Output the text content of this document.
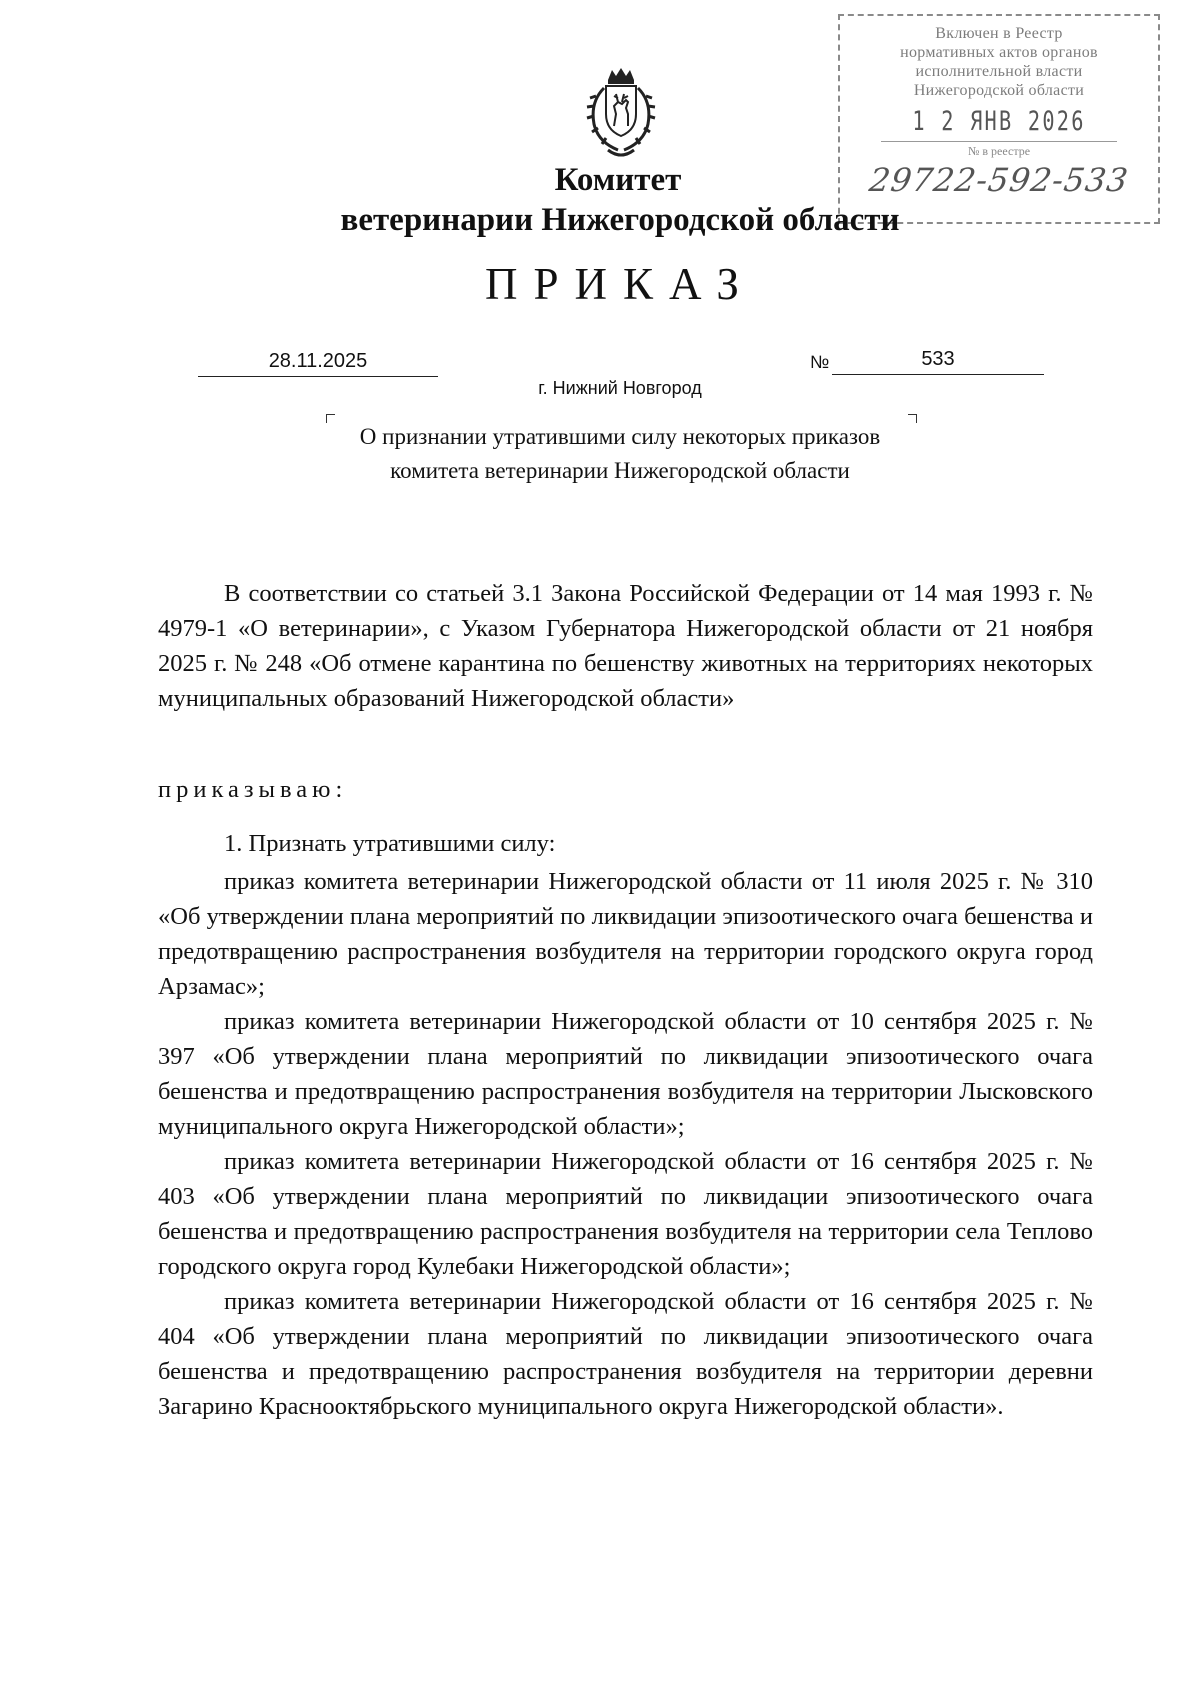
Включен в Реестр
нормативных актов органов
исполнительной власти
Нижегородской области
1 2 ЯНВ 2026
№ в реестре
29722-592-533
Комитет
ветеринарии Нижегородской области
ПРИКАЗ
28.11.2025	№	533
г. Нижний Новгород
О признании утратившими силу некоторых приказов комитета ветеринарии Нижегородской области

В соответствии со статьей 3.1 Закона Российской Федерации от 14 мая 1993 г. № 4979-1 «О ветеринарии», с Указом Губернатора Нижегородской области от 21 ноября 2025 г. № 248 «Об отмене карантина по бешенству животных на территориях некоторых муниципальных образований Нижегородской области»

приказываю:
1. Признать утратившими силу:

приказ комитета ветеринарии Нижегородской области от 11 июля 2025 г. № 310 «Об утверждении плана мероприятий по ликвидации эпизоотического очага бешенства и предотвращению распространения возбудителя на территории городского округа город Арзамас»;

приказ комитета ветеринарии Нижегородской области от 10 сентября 2025 г. № 397 «Об утверждении плана мероприятий по ликвидации эпизоотического очага бешенства и предотвращению распространения возбудителя на территории Лысковского муниципального округа Нижегородской области»;

приказ комитета ветеринарии Нижегородской области от 16 сентября 2025 г. № 403 «Об утверждении плана мероприятий по ликвидации эпизоотического очага бешенства и предотвращению распространения возбудителя на территории села Теплово городского округа город Кулебаки Нижегородской области»;

приказ комитета ветеринарии Нижегородской области от 16 сентября 2025 г. № 404 «Об утверждении плана мероприятий по ликвидации эпизоотического очага бешенства и предотвращению распространения возбудителя на территории деревни Загарино Краснооктябрьского муниципального округа Нижегородской области».
